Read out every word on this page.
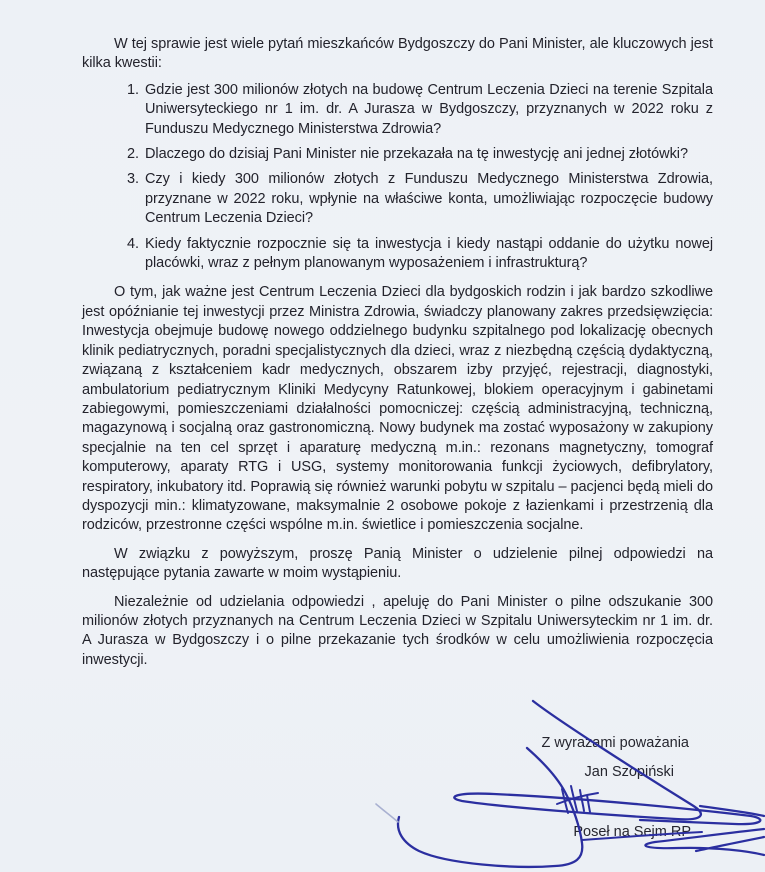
W tej sprawie jest wiele pytań mieszkańców Bydgoszczy do Pani Minister, ale kluczowych jest kilka kwestii:

1. Gdzie jest 300 milionów złotych na budowę Centrum Leczenia Dzieci na terenie Szpitala Uniwersyteckiego nr 1 im. dr. A Jurasza w Bydgoszczy, przyznanych w 2022 roku z Funduszu Medycznego Ministerstwa Zdrowia?
2. Dlaczego do dzisiaj Pani Minister nie przekazała na tę inwestycję ani jednej złotówki?
3. Czy i kiedy 300 milionów złotych z Funduszu Medycznego Ministerstwa Zdrowia, przyznane w 2022 roku, wpłynie na właściwe konta, umożliwiając rozpoczęcie budowy Centrum Leczenia Dzieci?
4. Kiedy faktycznie rozpocznie się ta inwestycja i kiedy nastąpi oddanie do użytku nowej placówki, wraz z pełnym planowanym wyposażeniem i infrastrukturą?

O tym, jak ważne jest Centrum Leczenia Dzieci dla bydgoskich rodzin i jak bardzo szkodliwe jest opóźnianie tej inwestycji przez Ministra Zdrowia, świadczy planowany zakres przedsięwzięcia: Inwestycja obejmuje budowę nowego oddzielnego budynku szpitalnego pod lokalizację obecnych klinik pediatrycznych, poradni specjalistycznych dla dzieci, wraz z niezbędną częścią dydaktyczną, związaną z kształceniem kadr medycznych, obszarem izby przyjęć, rejestracji, diagnostyki, ambulatorium pediatrycznym Kliniki Medycyny Ratunkowej, blokiem operacyjnym i gabinetami zabiegowymi, pomieszczeniami działalności pomocniczej: częścią administracyjną, techniczną, magazynową i socjalną oraz gastronomiczną. Nowy budynek ma zostać wyposażony w zakupiony specjalnie na ten cel sprzęt i aparaturę medyczną m.in.: rezonans magnetyczny, tomograf komputerowy, aparaty RTG i USG, systemy monitorowania funkcji życiowych, defibrylatory, respiratory, inkubatory itd. Poprawią się również warunki pobytu w szpitalu – pacjenci będą mieli do dyspozycji min.: klimatyzowane, maksymalnie 2 osobowe pokoje z łazienkami i przestrzenią dla rodziców, przestronne części wspólne m.in. świetlice i pomieszczenia socjalne.

W związku z powyższym, proszę Panią Minister o udzielenie pilnej odpowiedzi na następujące pytania zawarte w moim wystąpieniu.

Niezależnie od udzielania odpowiedzi , apeluję do Pani Minister o pilne odszukanie 300 milionów złotych przyznanych na Centrum Leczenia Dzieci w Szpitalu Uniwersyteckim nr 1 im. dr. A Jurasza w Bydgoszczy i o pilne przekazanie tych środków w celu umożliwienia rozpoczęcia inwestycji.

Z wyrazami poważania
Jan Szopiński
Poseł na Sejm RP
